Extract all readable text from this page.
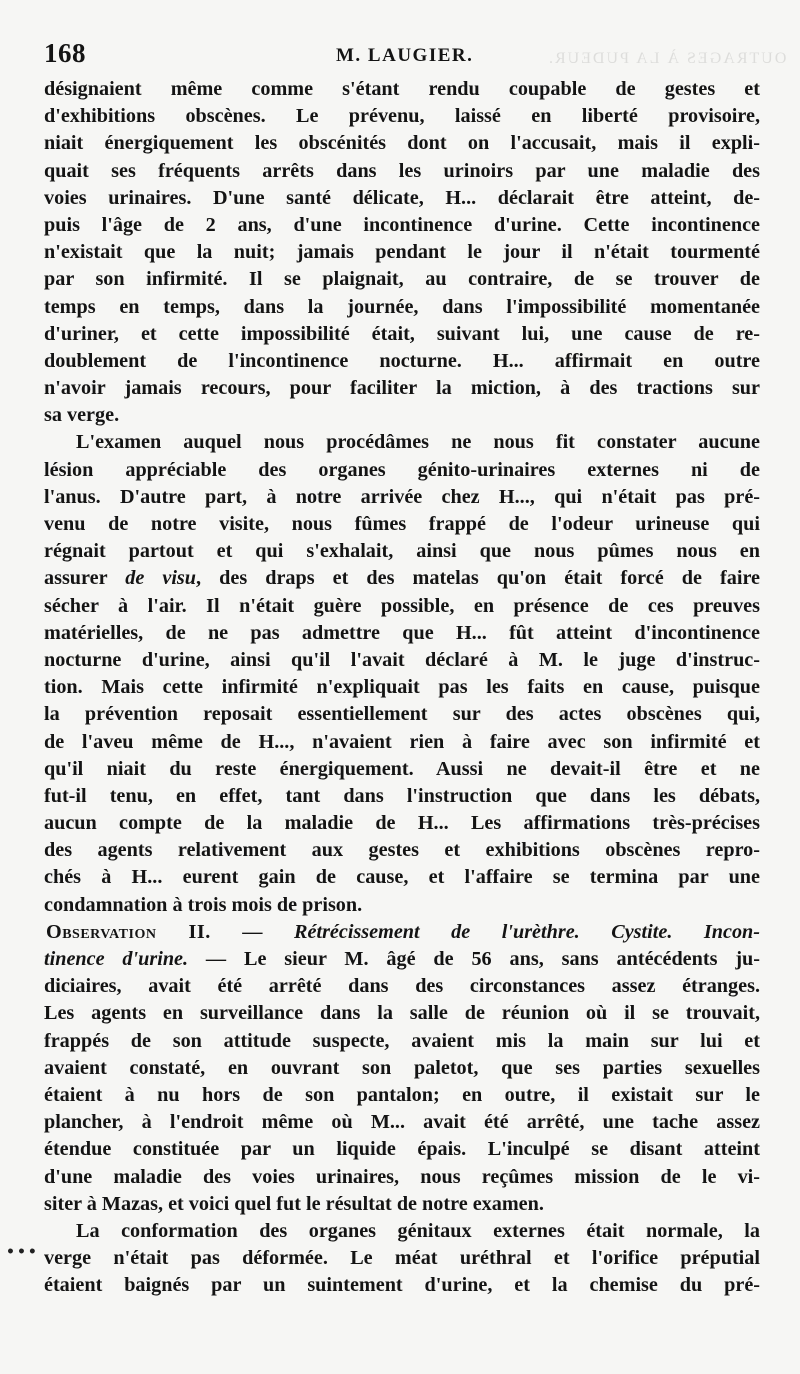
OUTRAGES À LA PUDEUR.
168	M. LAUGIER.
désignaient même comme s'étant rendu coupable de gestes et
d'exhibitions obscènes. Le prévenu, laissé en liberté provisoire,
niait énergiquement les obscénités dont on l'accusait, mais il expli-
quait ses fréquents arrêts dans les urinoirs par une maladie des
voies urinaires. D'une santé délicate, H... déclarait être atteint, de-
puis l'âge de 2 ans, d'une incontinence d'urine. Cette incontinence
n'existait que la nuit; jamais pendant le jour il n'était tourmenté
par son infirmité. Il se plaignait, au contraire, de se trouver de
temps en temps, dans la journée, dans l'impossibilité momentanée
d'uriner, et cette impossibilité était, suivant lui, une cause de re-
doublement de l'incontinence nocturne. H... affirmait en outre
n'avoir jamais recours, pour faciliter la miction, à des tractions sur
sa verge.
L'examen auquel nous procédâmes ne nous fit constater aucune
lésion appréciable des organes génito-urinaires externes ni de
l'anus. D'autre part, à notre arrivée chez H..., qui n'était pas pré-
venu de notre visite, nous fûmes frappé de l'odeur urineuse qui
régnait partout et qui s'exhalait, ainsi que nous pûmes nous en
assurer de visu, des draps et des matelas qu'on était forcé de faire
sécher à l'air. Il n'était guère possible, en présence de ces preuves
matérielles, de ne pas admettre que H... fût atteint d'incontinence
nocturne d'urine, ainsi qu'il l'avait déclaré à M. le juge d'instruc-
tion. Mais cette infirmité n'expliquait pas les faits en cause, puisque
la prévention reposait essentiellement sur des actes obscènes qui,
de l'aveu même de H..., n'avaient rien à faire avec son infirmité et
qu'il niait du reste énergiquement. Aussi ne devait-il être et ne
fut-il tenu, en effet, tant dans l'instruction que dans les débats,
aucun compte de la maladie de H... Les affirmations très-précises
des agents relativement aux gestes et exhibitions obscènes repro-
chés à H... eurent gain de cause, et l'affaire se termina par une
condamnation à trois mois de prison.
Observation II. — Rétrécissement de l'urèthre. Cystite. Incon-
tinence d'urine. — Le sieur M. âgé de 56 ans, sans antécédents ju-
diciaires, avait été arrêté dans des circonstances assez étranges.
Les agents en surveillance dans la salle de réunion où il se trouvait,
frappés de son attitude suspecte, avaient mis la main sur lui et
avaient constaté, en ouvrant son paletot, que ses parties sexuelles
étaient à nu hors de son pantalon; en outre, il existait sur le
plancher, à l'endroit même où M... avait été arrêté, une tache assez
étendue constituée par un liquide épais. L'inculpé se disant atteint
d'une maladie des voies urinaires, nous reçûmes mission de le vi-
siter à Mazas, et voici quel fut le résultat de notre examen.
La conformation des organes génitaux externes était normale, la
verge n'était pas déformée. Le méat uréthral et l'orifice préputial
étaient baignés par un suintement d'urine, et la chemise du pré-
•••
